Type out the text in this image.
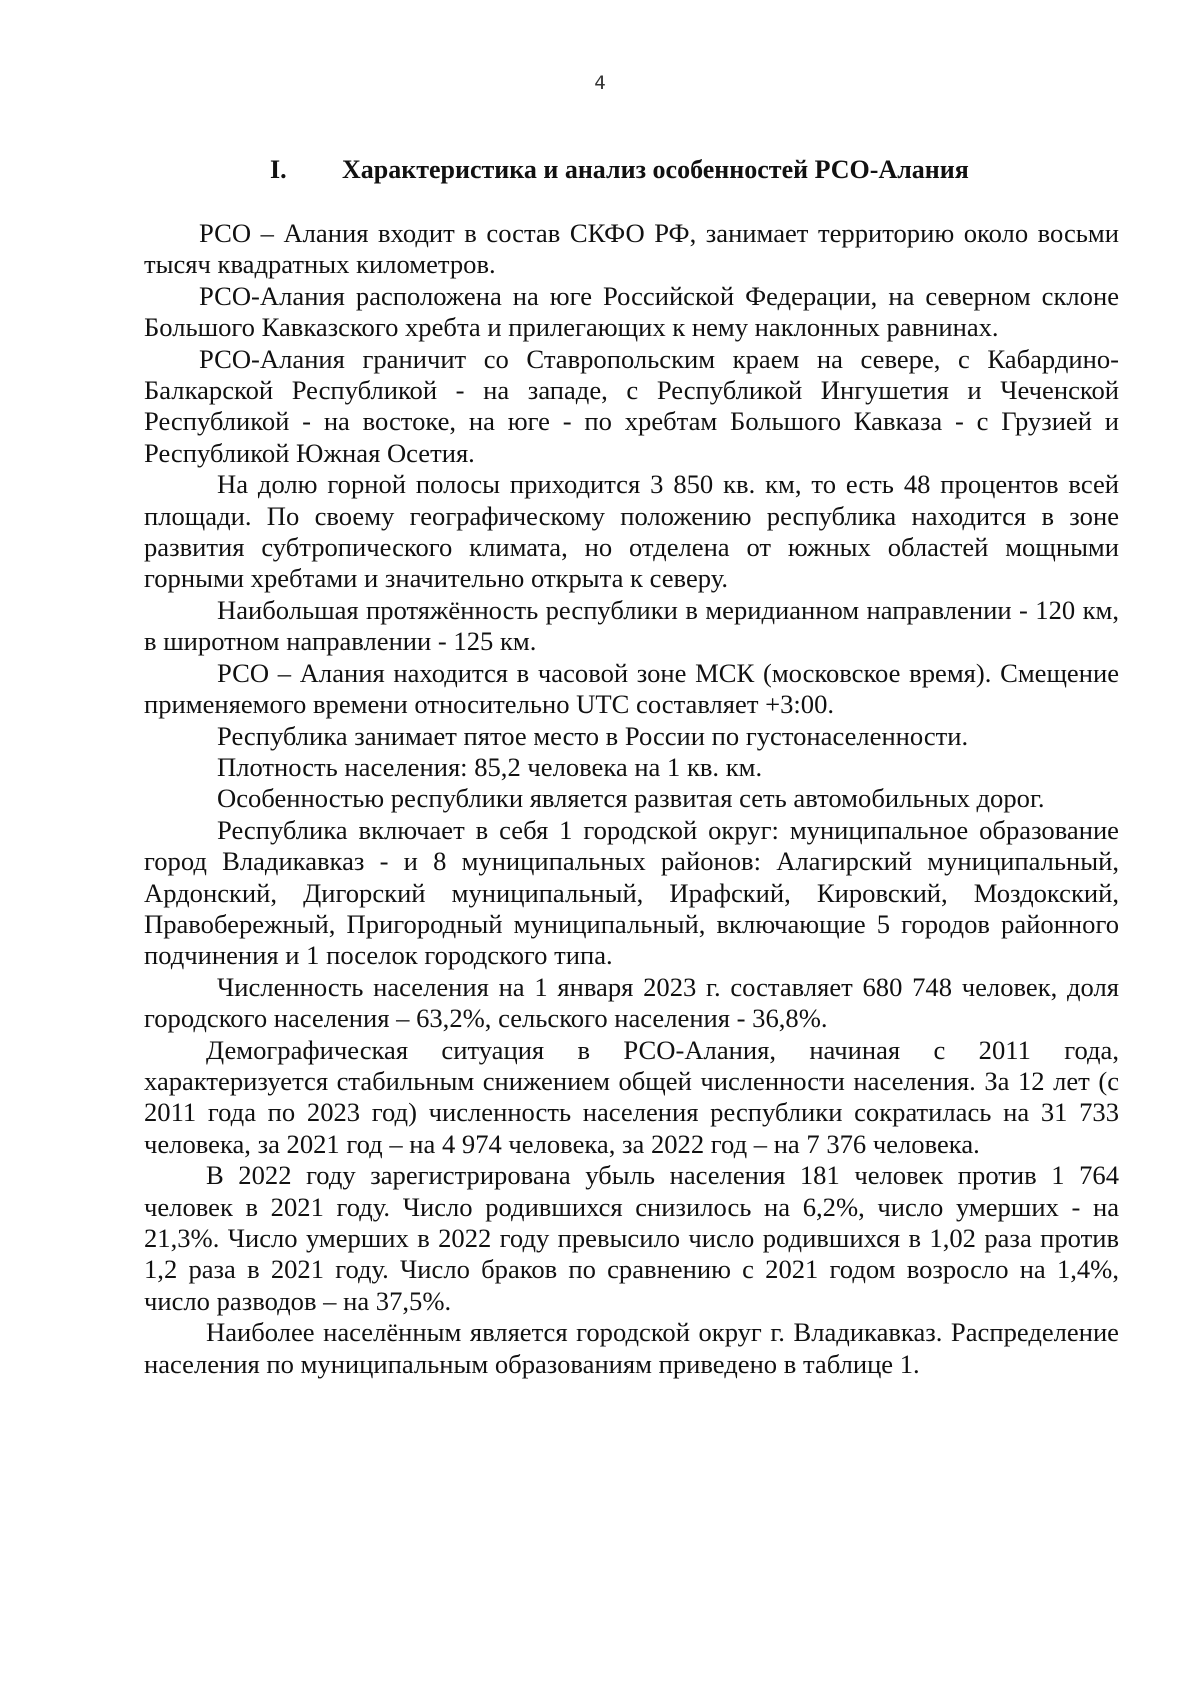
4
I. Характеристика и анализ особенностей РСО-Алания

РСО – Алания входит в состав СКФО РФ, занимает территорию около восьми тысяч квадратных километров.

РСО-Алания расположена на юге Российской Федерации, на северном склоне Большого Кавказского хребта и прилегающих к нему наклонных равнинах.

РСО-Алания граничит со Ставропольским краем на севере, с Кабардино-Балкарской Республикой - на западе, с Республикой Ингушетия и Чеченской Республикой - на востоке, на юге - по хребтам Большого Кавказа - с Грузией и Республикой Южная Осетия.

На долю горной полосы приходится 3 850 кв. км, то есть 48 процентов всей площади. По своему географическому положению республика находится в зоне развития субтропического климата, но отделена от южных областей мощными горными хребтами и значительно открыта к северу.

Наибольшая протяжённость республики в меридианном направлении - 120 км, в широтном направлении - 125 км.

РСО – Алания находится в часовой зоне МСК (московское время). Смещение применяемого времени относительно UTC составляет +3:00.

Республика занимает пятое место в России по густонаселенности.

Плотность населения: 85,2 человека на 1 кв. км.

Особенностью республики является развитая сеть автомобильных дорог.

Республика включает в себя 1 городской округ: муниципальное образование город Владикавказ - и 8 муниципальных районов: Алагирский муниципальный, Ардонский, Дигорский муниципальный, Ирафский, Кировский, Моздокский, Правобережный, Пригородный муниципальный, включающие 5 городов районного подчинения и 1 поселок городского типа.

Численность населения на 1 января 2023 г. составляет 680 748 человек, доля городского населения – 63,2%, сельского населения - 36,8%.

Демографическая ситуация в РСО-Алания, начиная с 2011 года, характеризуется стабильным снижением общей численности населения. За 12 лет (с 2011 года по 2023 год) численность населения республики сократилась на 31 733 человека, за 2021 год – на 4 974 человека, за 2022 год – на 7 376 человека.

В 2022 году зарегистрирована убыль населения 181 человек против 1 764 человек в 2021 году. Число родившихся снизилось на 6,2%, число умерших - на 21,3%. Число умерших в 2022 году превысило число родившихся в 1,02 раза против 1,2 раза в 2021 году. Число браков по сравнению с 2021 годом возросло на 1,4%, число разводов – на 37,5%.

Наиболее населённым является городской округ г. Владикавказ. Распределение населения по муниципальным образованиям приведено в таблице 1.
